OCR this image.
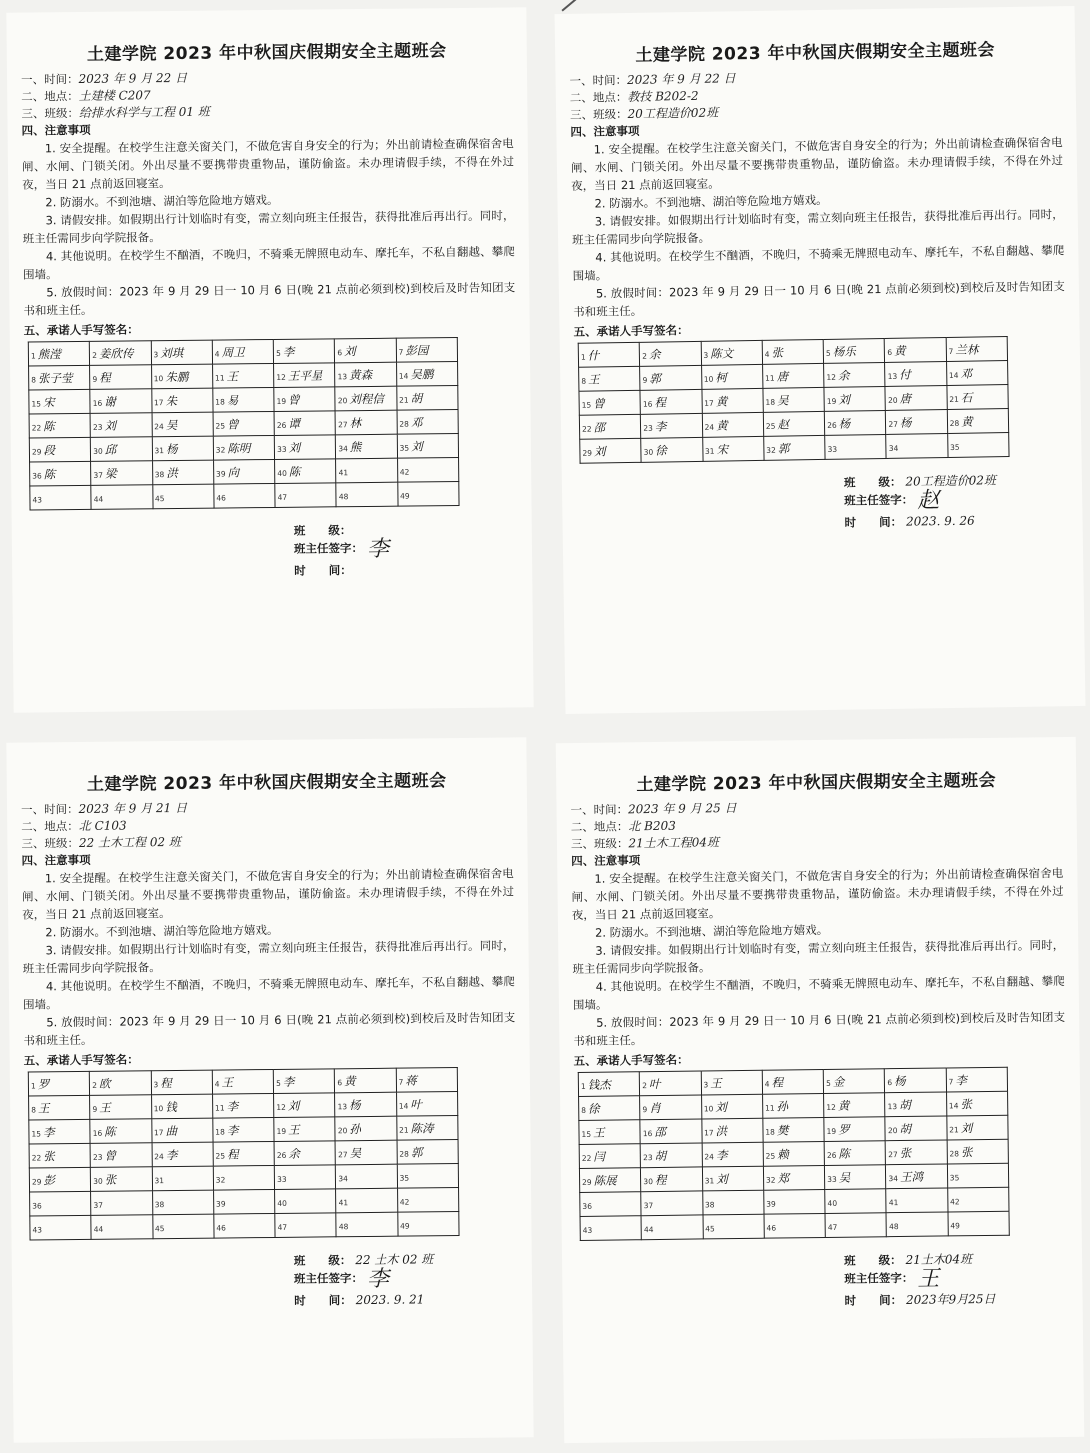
土建学院 2023 年中秋国庆假期安全主题班会
一、时间：2023 年 9 月 22 日
二、地点：土建楼 C207
三、班级：给排水科学与工程 01 班
四、注意事项

1. 安全提醒。在校学生注意关窗关门，不做危害自身安全的行为；外出前请检查确保宿舍电闸、水闸、门锁关闭。外出尽量不要携带贵重物品，谨防偷盗。未办理请假手续，不得在外过夜，当日 21 点前返回寝室。

2. 防溺水。不到池塘、湖泊等危险地方嬉戏。

3. 请假安排。如假期出行计划临时有变，需立刻向班主任报告，获得批准后再出行。同时，班主任需同步向学院报备。

4. 其他说明。在校学生不酗酒，不晚归，不骑乘无牌照电动车、摩托车，不私自翻越、攀爬围墙。

5. 放假时间：2023 年 9 月 29 日一 10 月 6 日(晚 21 点前必须到校)到校后及时告知团支书和班主任。

五、承诺人手写签名：
1 熊滢	2 姜欣传	3 刘琪	4 周卫	5 李	6 刘	7 彭园
8 张子莹	9 程	10 朱鹏	11 王	12 王平星	13 黄森	14 吴鹏
15 宋	16 谢	17 朱	18 易	19 曾	20 刘程信	21 胡
22 陈	23 刘	24 吴	25 曾	26 谭	27 林	28 邓
29 段	30 邱	31 杨	32 陈明	33 刘	34 熊	35 刘
36 陈	37 梁	38 洪	39 向	40 陈	41	42
43	44	45	46	47	48	49
班　　级：
班主任签字： 李
时　　间：
土建学院 2023 年中秋国庆假期安全主题班会
一、时间：2023 年 9 月 22 日
二、地点：教技 B202-2
三、班级：20工程造价02班
四、注意事项

1. 安全提醒。在校学生注意关窗关门，不做危害自身安全的行为；外出前请检查确保宿舍电闸、水闸、门锁关闭。外出尽量不要携带贵重物品，谨防偷盗。未办理请假手续，不得在外过夜，当日 21 点前返回寝室。

2. 防溺水。不到池塘、湖泊等危险地方嬉戏。

3. 请假安排。如假期出行计划临时有变，需立刻向班主任报告，获得批准后再出行。同时，班主任需同步向学院报备。

4. 其他说明。在校学生不酗酒，不晚归，不骑乘无牌照电动车、摩托车，不私自翻越、攀爬围墙。

5. 放假时间：2023 年 9 月 29 日一 10 月 6 日(晚 21 点前必须到校)到校后及时告知团支书和班主任。

五、承诺人手写签名：
1 什	2 余	3 陈文	4 张	5 杨乐	6 黄	7 兰林
8 王	9 郭	10 柯	11 唐	12 余	13 付	14 邓
15 曾	16 程	17 黄	18 吴	19 刘	20 唐	21 石
22 邵	23 李	24 黄	25 赵	26 杨	27 杨	28 黄
29 刘	30 徐	31 宋	32 郭	33	34	35
班　　级： 20工程造价02班
班主任签字： 赵
时　　间： 2023. 9. 26
土建学院 2023 年中秋国庆假期安全主题班会
一、时间：2023 年 9 月 21 日
二、地点：北 C103
三、班级：22 土木工程 02 班
四、注意事项

1. 安全提醒。在校学生注意关窗关门，不做危害自身安全的行为；外出前请检查确保宿舍电闸、水闸、门锁关闭。外出尽量不要携带贵重物品，谨防偷盗。未办理请假手续，不得在外过夜，当日 21 点前返回寝室。

2. 防溺水。不到池塘、湖泊等危险地方嬉戏。

3. 请假安排。如假期出行计划临时有变，需立刻向班主任报告，获得批准后再出行。同时，班主任需同步向学院报备。

4. 其他说明。在校学生不酗酒，不晚归，不骑乘无牌照电动车、摩托车，不私自翻越、攀爬围墙。

5. 放假时间：2023 年 9 月 29 日一 10 月 6 日(晚 21 点前必须到校)到校后及时告知团支书和班主任。

五、承诺人手写签名：
1 罗	2 欧	3 程	4 王	5 李	6 黄	7 蒋
8 王	9 王	10 钱	11 李	12 刘	13 杨	14 叶
15 李	16 陈	17 曲	18 李	19 王	20 孙	21 陈涛
22 张	23 曾	24 李	25 程	26 余	27 吴	28 郭
29 彭	30 张	31	32	33	34	35
36	37	38	39	40	41	42
43	44	45	46	47	48	49
班　　级： 22 土木 02 班
班主任签字： 李
时　　间： 2023. 9. 21
土建学院 2023 年中秋国庆假期安全主题班会
一、时间：2023 年 9 月 25 日
二、地点：北 B203
三、班级：21土木工程04班
四、注意事项

1. 安全提醒。在校学生注意关窗关门，不做危害自身安全的行为；外出前请检查确保宿舍电闸、水闸、门锁关闭。外出尽量不要携带贵重物品，谨防偷盗。未办理请假手续，不得在外过夜，当日 21 点前返回寝室。

2. 防溺水。不到池塘、湖泊等危险地方嬉戏。

3. 请假安排。如假期出行计划临时有变，需立刻向班主任报告，获得批准后再出行。同时，班主任需同步向学院报备。

4. 其他说明。在校学生不酗酒，不晚归，不骑乘无牌照电动车、摩托车，不私自翻越、攀爬围墙。

5. 放假时间：2023 年 9 月 29 日一 10 月 6 日(晚 21 点前必须到校)到校后及时告知团支书和班主任。

五、承诺人手写签名：
1 钱杰	2 叶	3 王	4 程	5 金	6 杨	7 李
8 徐	9 肖	10 刘	11 孙	12 黄	13 胡	14 张
15 王	16 邵	17 洪	18 樊	19 罗	20 胡	21 刘
22 闫	23 胡	24 李	25 赖	26 陈	27 张	28 张
29 陈展	30 程	31 刘	32 郑	33 吴	34 王鸿	35
36	37	38	39	40	41	42
43	44	45	46	47	48	49
班　　级： 21土木04班
班主任签字： 王
时　　间： 2023年9月25日
